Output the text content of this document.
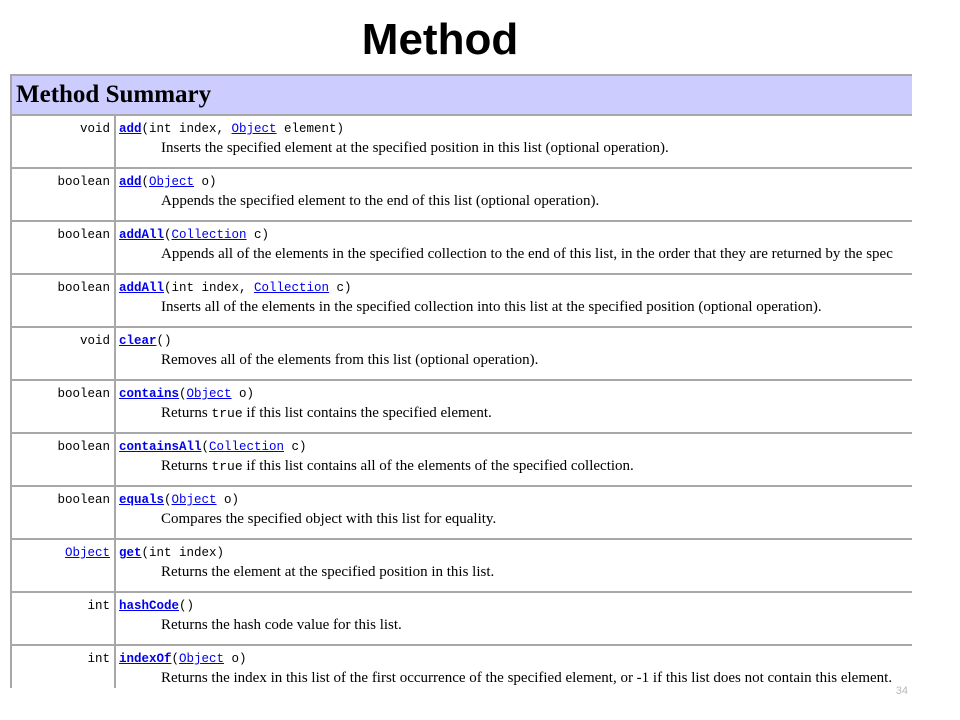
Method
Method Summary	

void	add(int index, Object element)
Inserts the specified element at the specified position in this list (optional operation).

boolean	add(Object o)
Appends the specified element to the end of this list (optional operation).

boolean	addAll(Collection c)
Appends all of the elements in the specified collection to the end of this list, in the order that they are returned by the spec

boolean	addAll(int index, Collection c)
Inserts all of the elements in the specified collection into this list at the specified position (optional operation).

void	clear()
Removes all of the elements from this list (optional operation).

boolean	contains(Object o)
Returns true if this list contains the specified element.

boolean	containsAll(Collection c)
Returns true if this list contains all of the elements of the specified collection.

boolean	equals(Object o)
Compares the specified object with this list for equality.

Object	get(int index)
Returns the element at the specified position in this list.

int	hashCode()
Returns the hash code value for this list.

int	indexOf(Object o)
Returns the index in this list of the first occurrence of the specified element, or -1 if this list does not contain this element.

34
